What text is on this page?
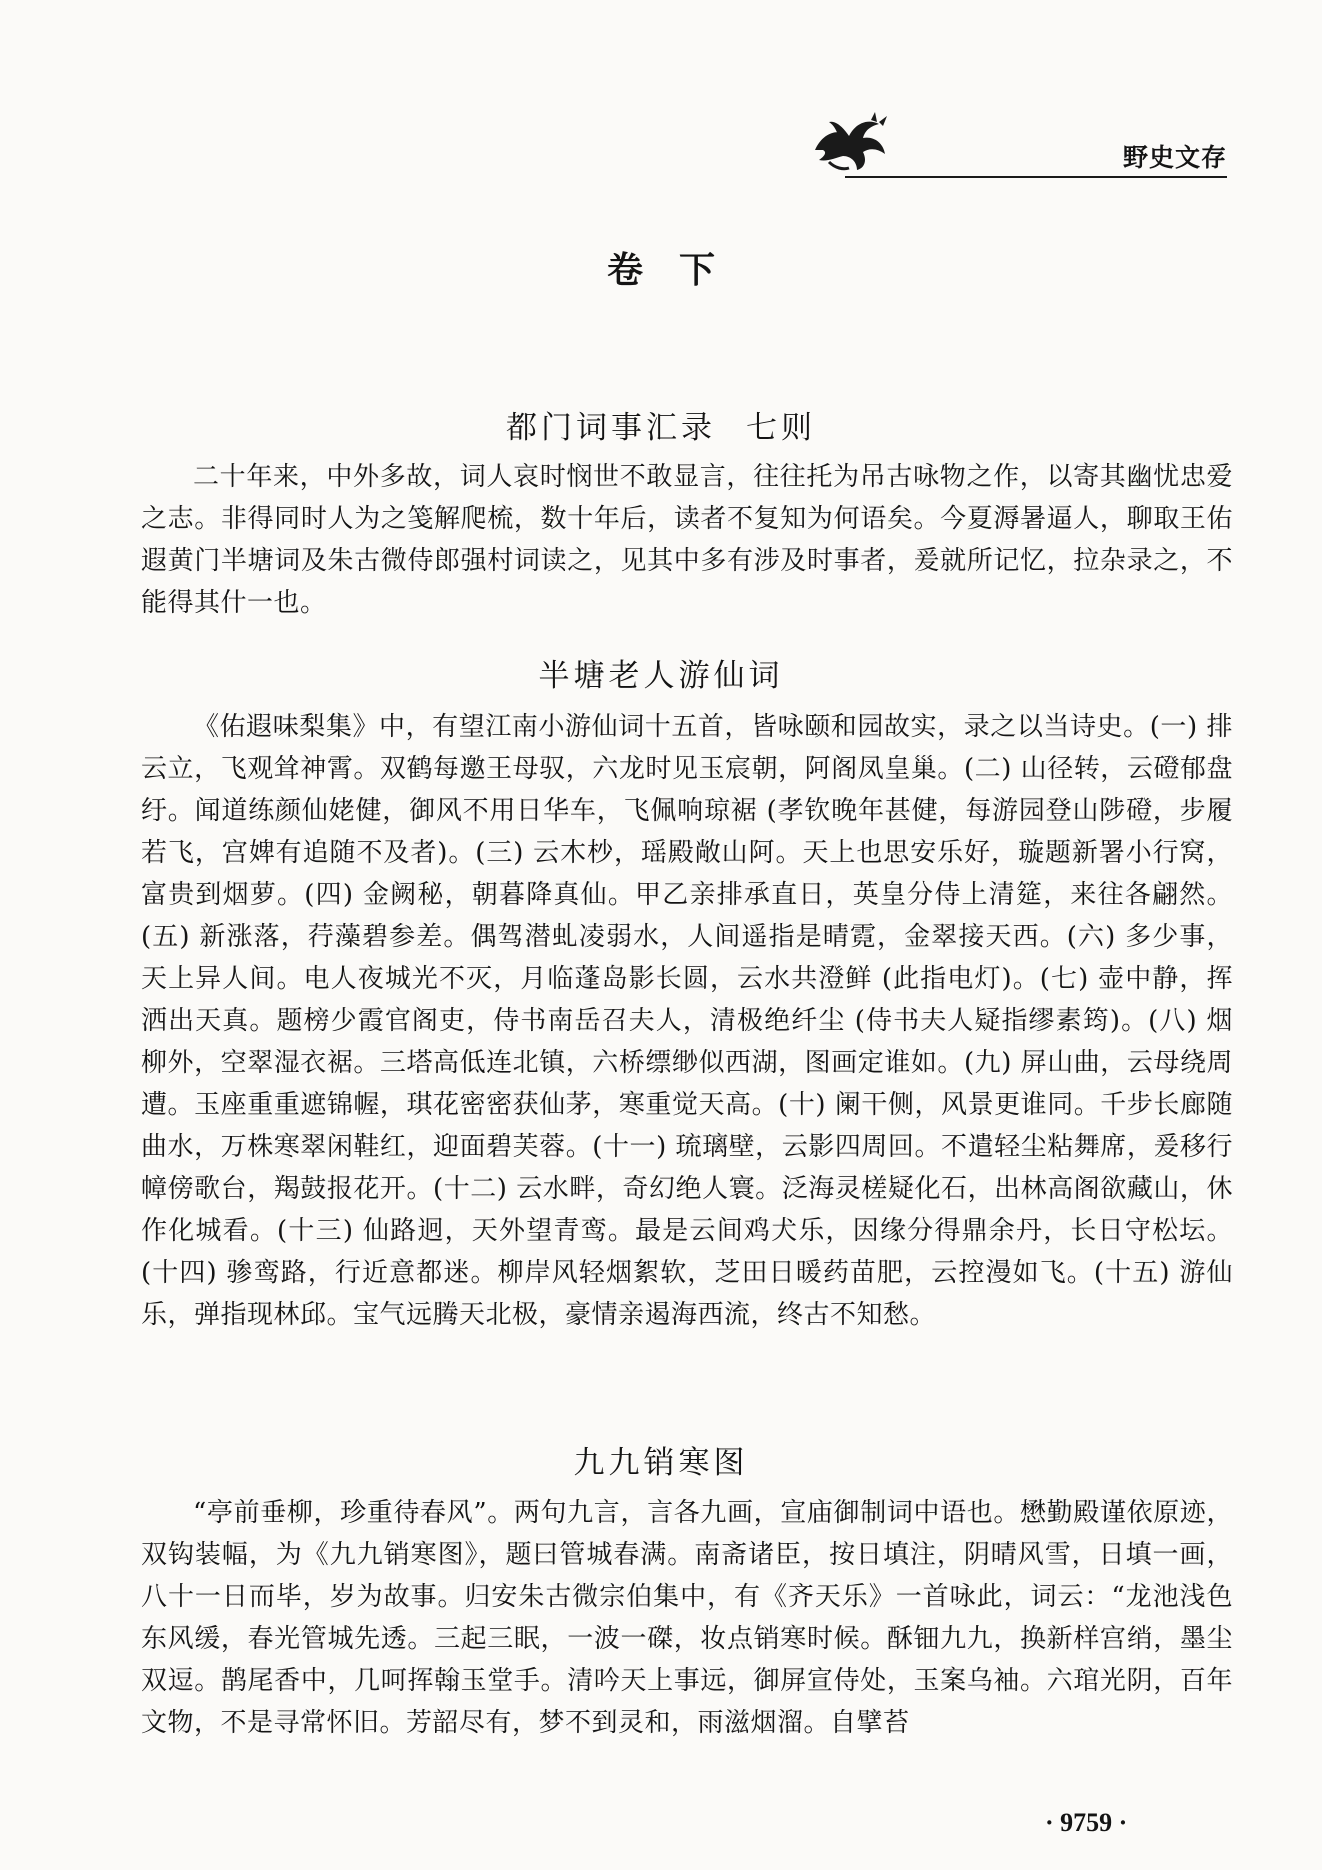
野史文存
卷下
都门词事汇录 七则

二十年来，中外多故，词人哀时悯世不敢显言，往往托为吊古咏物之作，以寄其幽忧忠爱之志。非得同时人为之笺解爬梳，数十年后，读者不复知为何语矣。今夏溽暑逼人，聊取王佑遐黄门半塘词及朱古微侍郎强村词读之，见其中多有涉及时事者，爰就所记忆，拉杂录之，不能得其什一也。

半塘老人游仙词

《佑遐味梨集》中，有望江南小游仙词十五首，皆咏颐和园故实，录之以当诗史。(一) 排云立，飞观耸神霄。双鹤每邀王母驭，六龙时见玉宸朝，阿阁凤皇巢。(二) 山径转，云磴郁盘纡。闻道练颜仙姥健，御风不用日华车，飞佩响琼裾 (孝钦晚年甚健，每游园登山陟磴，步履若飞，宫婢有追随不及者)。(三) 云木杪，瑶殿敞山阿。天上也思安乐好，璇题新署小行窝，富贵到烟萝。(四) 金阙秘，朝暮降真仙。甲乙亲排承直日，英皇分侍上清筵，来往各翩然。(五) 新涨落，荇藻碧参差。偶驾潜虬凌弱水，人间遥指是晴霓，金翠接天西。(六) 多少事，天上异人间。电人夜城光不灭，月临蓬岛影长圆，云水共澄鲜 (此指电灯)。(七) 壶中静，挥洒出天真。题榜少霞官阁吏，侍书南岳召夫人，清极绝纤尘 (侍书夫人疑指缪素筠)。(八) 烟柳外，空翠湿衣裾。三塔高低连北镇，六桥缥缈似西湖，图画定谁如。(九) 屏山曲，云母绕周遭。玉座重重遮锦幄，琪花密密获仙茅，寒重觉天高。(十) 阑干侧，风景更谁同。千步长廊随曲水，万株寒翠闲鞋红，迎面碧芙蓉。(十一) 琉璃壁，云影四周回。不遣轻尘粘舞席，爰移行幛傍歌台，羯鼓报花开。(十二) 云水畔，奇幻绝人寰。泛海灵槎疑化石，出林高阁欲藏山，休作化城看。(十三) 仙路迥，天外望青鸾。最是云间鸡犬乐，因缘分得鼎余丹，长日守松坛。(十四) 骖鸾路，行近意都迷。柳岸风轻烟絮软，芝田日暖药苗肥，云控漫如飞。(十五) 游仙乐，弹指现林邱。宝气远腾天北极，豪情亲遏海西流，终古不知愁。

九九销寒图

“亭前垂柳，珍重待春风”。两句九言，言各九画，宣庙御制词中语也。懋勤殿谨依原迹，双钩装幅，为《九九销寒图》，题曰管城春满。南斋诸臣，按日填注，阴晴风雪，日填一画，八十一日而毕，岁为故事。归安朱古微宗伯集中，有《齐天乐》一首咏此，词云：“龙池浅色东风缓，春光管城先透。三起三眠，一波一磔，妆点销寒时候。酥钿九九，换新样宫绡，墨尘双逗。鹊尾香中，几呵挥翰玉堂手。清吟天上事远，御屏宣侍处，玉案乌袖。六琯光阴，百年文物，不是寻常怀旧。芳韶尽有，梦不到灵和，雨滋烟溜。自擘苔

· 9759 ·
